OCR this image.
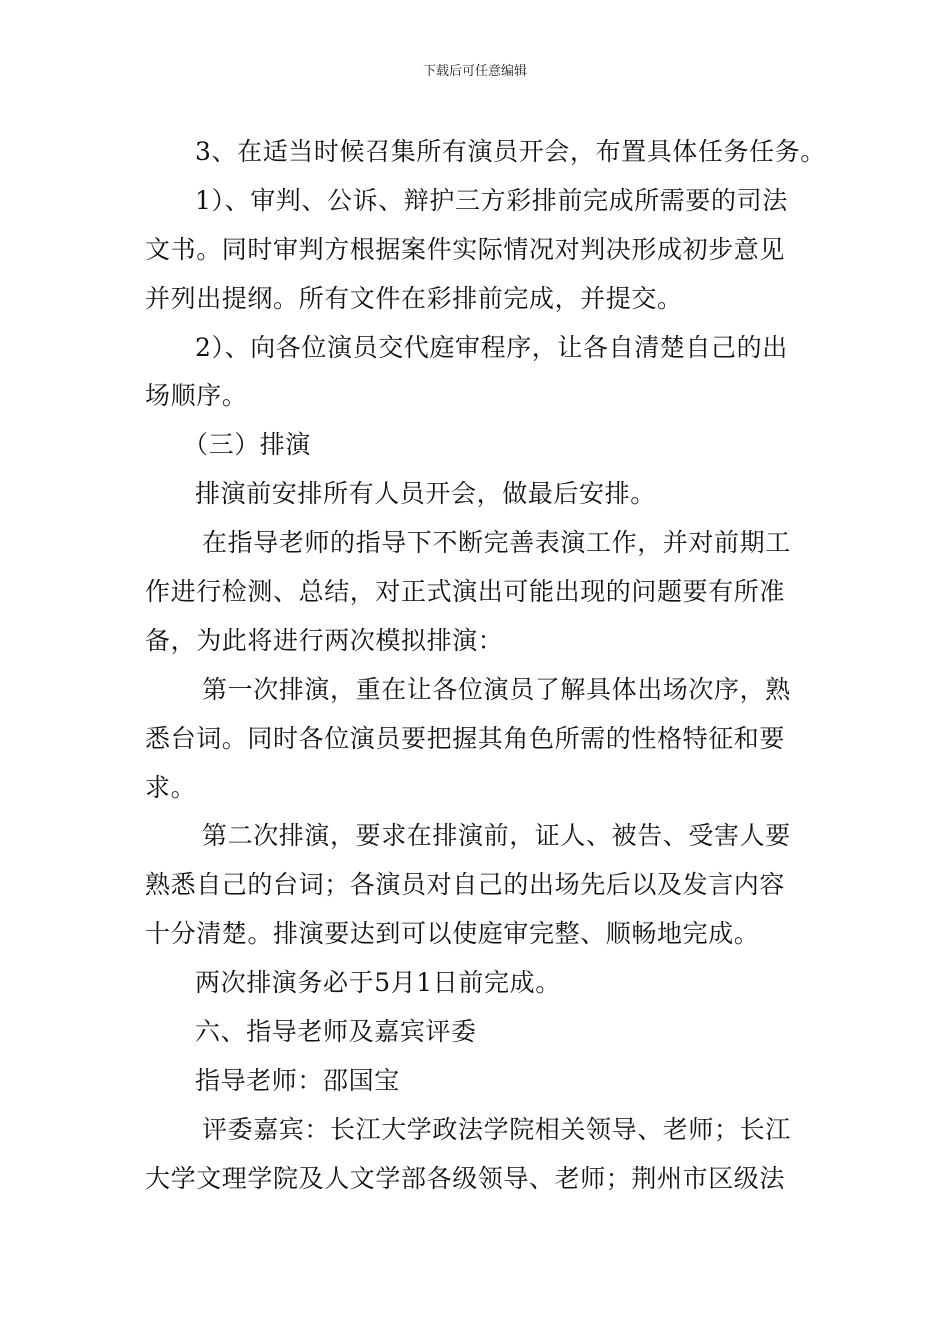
下载后可任意编辑
3、在适当时候召集所有演员开会，布置具体任务任务。
1）、审判、公诉、辩护三方彩排前完成所需要的司法
文书。同时审判方根据案件实际情况对判决形成初步意见
并列出提纲。所有文件在彩排前完成，并提交。
2）、向各位演员交代庭审程序，让各自清楚自己的出
场顺序。
（三）排演
排演前安排所有人员开会，做最后安排。
在指导老师的指导下不断完善表演工作，并对前期工
作进行检测、总结，对正式演出可能出现的问题要有所准
备，为此将进行两次模拟排演：
第一次排演，重在让各位演员了解具体出场次序，熟
悉台词。同时各位演员要把握其角色所需的性格特征和要
求。
第二次排演，要求在排演前，证人、被告、受害人要
熟悉自己的台词；各演员对自己的出场先后以及发言内容
十分清楚。排演要达到可以使庭审完整、顺畅地完成。
两次排演务必于5月1日前完成。
六、指导老师及嘉宾评委
指导老师：邵国宝
评委嘉宾：长江大学政法学院相关领导、老师；长江
大学文理学院及人文学部各级领导、老师；荆州市区级法
